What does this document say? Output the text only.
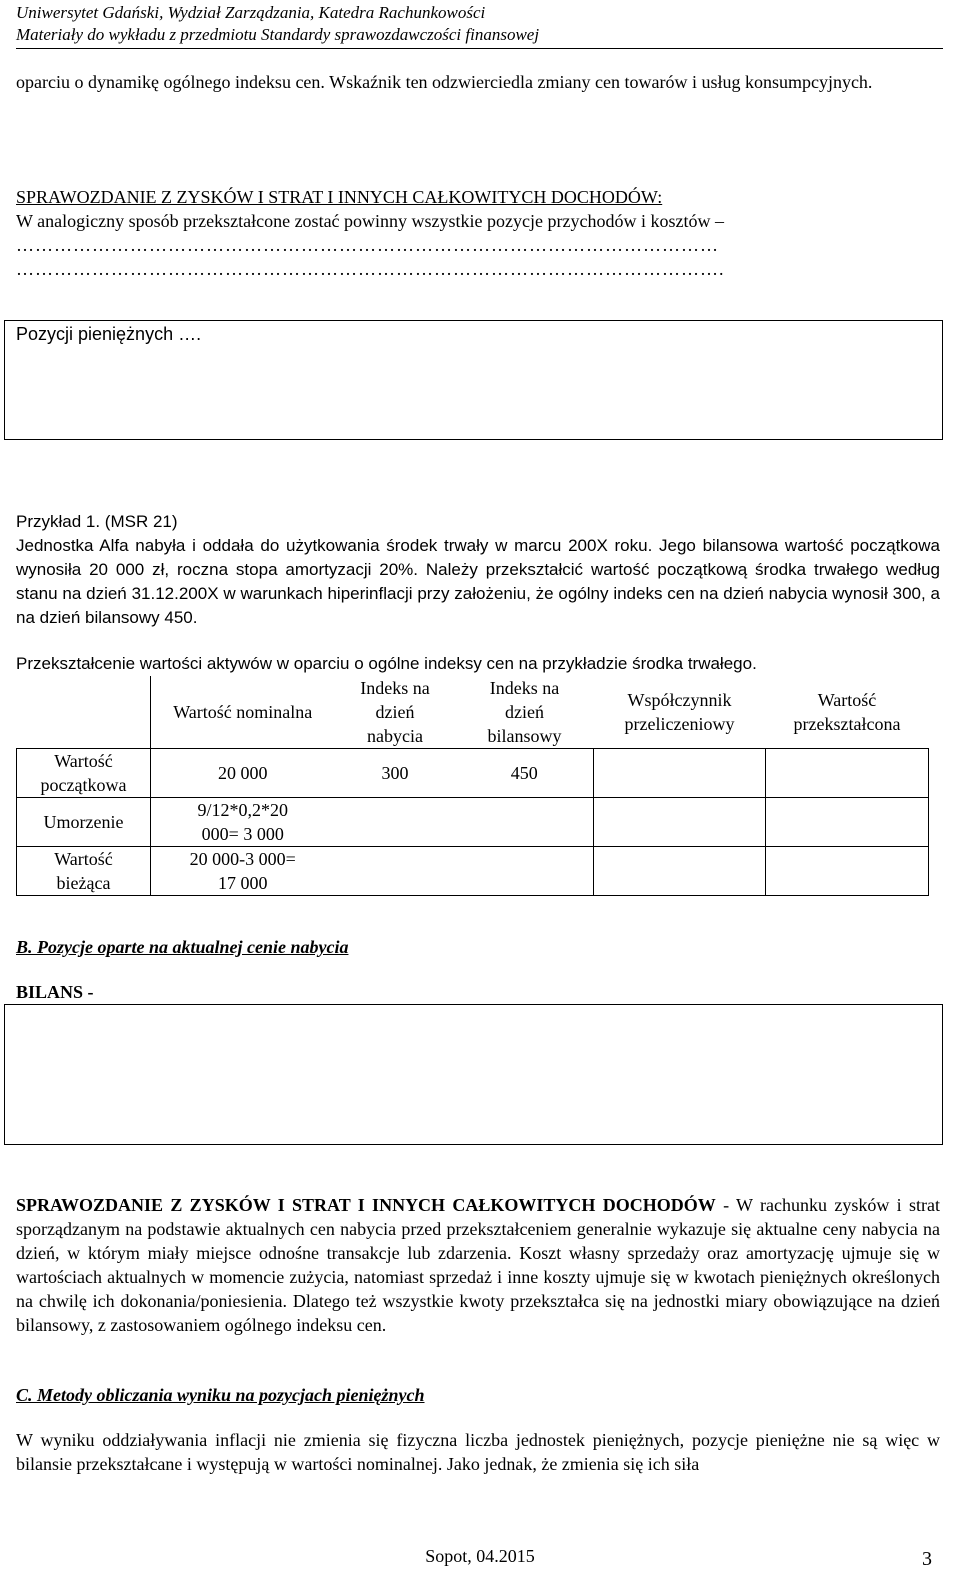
Uniwersytet Gdański, Wydział Zarządzania, Katedra Rachunkowości
Materiały do wykładu z przedmiotu Standardy sprawozdawczości finansowej
oparciu o dynamikę ogólnego indeksu cen. Wskaźnik ten odzwierciedla zmiany cen towarów i usług konsumpcyjnych.
SPRAWOZDANIE Z ZYSKÓW I STRAT I INNYCH CAŁKOWITYCH DOCHODÓW:
W analogiczny sposób przekształcone zostać powinny wszystkie pozycje przychodów i kosztów –
…………………………………………………………………………………………………
………………………………………………………………………………………………….
Pozycji pieniężnych ….
Przykład 1. (MSR 21)
Jednostka Alfa nabyła i oddała do użytkowania środek trwały w marcu 200X roku. Jego bilansowa wartość początkowa wynosiła 20 000 zł, roczna stopa amortyzacji 20%. Należy przekształcić wartość początkową środka trwałego według stanu na dzień 31.12.200X w warunkach hiperinflacji przy założeniu, że ogólny indeks cen na dzień nabycia wynosił 300, a na dzień bilansowy 450.
Przekształcenie wartości aktywów w oparciu o ogólne indeksy cen na przykładzie środka trwałego.
	Wartość nominalna	Indeks na dzień nabycia	Indeks na dzień bilansowy	Współczynnik przeliczeniowy	Wartość przekształcona

Wartość początkowa	20 000	300	450		
Umorzenie	9/12*0,2*20 000= 3 000				

Wartość bieżąca	20 000-3 000= 17 000				

B. Pozycje oparte na aktualnej cenie nabycia
BILANS -
SPRAWOZDANIE Z ZYSKÓW I STRAT I INNYCH CAŁKOWITYCH DOCHODÓW - W rachunku zysków i strat sporządzanym na podstawie aktualnych cen nabycia przed przekształceniem generalnie wykazuje się aktualne ceny nabycia na dzień, w którym miały miejsce odnośne transakcje lub zdarzenia. Koszt własny sprzedaży oraz amortyzację ujmuje się w wartościach aktualnych w momencie zużycia, natomiast sprzedaż i inne koszty ujmuje się w kwotach pieniężnych określonych na chwilę ich dokonania/poniesienia. Dlatego też wszystkie kwoty przekształca się na jednostki miary obowiązujące na dzień bilansowy, z zastosowaniem ogólnego indeksu cen.
C. Metody obliczania wyniku na pozycjach pieniężnych
W wyniku oddziaływania inflacji nie zmienia się fizyczna liczba jednostek pieniężnych, pozycje pieniężne nie są więc w bilansie przekształcane i występują w wartości nominalnej. Jako jednak, że zmienia się ich siła
Sopot, 04.2015	3
